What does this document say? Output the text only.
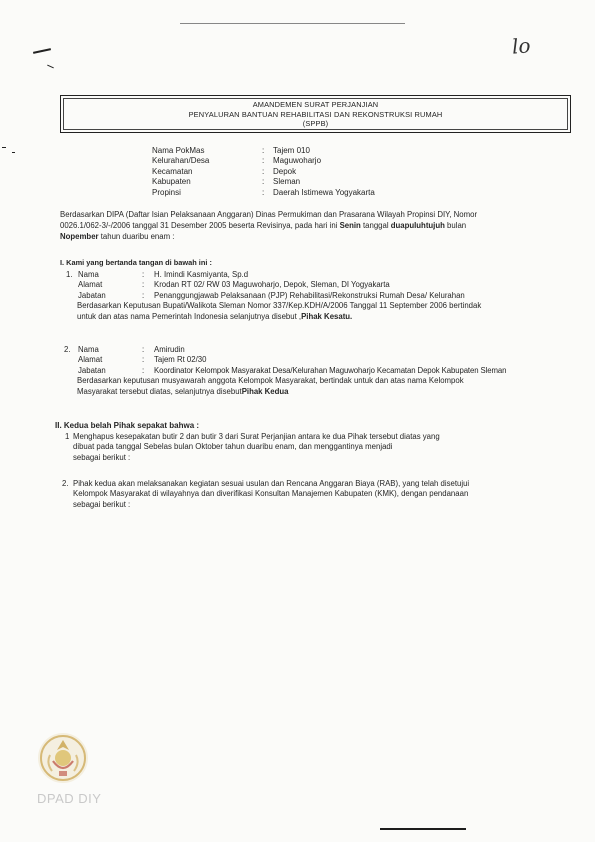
lo
AMANDEMEN SURAT PERJANJIAN
PENYALURAN BANTUAN REHABILITASI DAN REKONSTRUKSI RUMAH
(SPPB)
Nama PokMas	:	Tajem 010
Kelurahan/Desa	:	Maguwoharjo
Kecamatan	:	Depok
Kabupaten	:	Sleman
Propinsi	:	Daerah Istimewa Yogyakarta
Berdasarkan DIPA (Daftar Isian Pelaksanaan Anggaran) Dinas Permukiman dan Prasarana Wilayah Propinsi DIY, Nomor
0026.1/062-3/-/2006 tanggal 31 Desember 2005 beserta Revisinya, pada hari ini Senin tanggal duapuluhtujuh bulan
Nopember tahun duaribu enam :
I. Kami yang bertanda tangan di bawah ini :
1. Nama	:	H. Imindi Kasmiyanta, Sp.d
Alamat	:	Krodan RT 02/ RW 03 Maguwoharjo, Depok, Sleman, DI Yogyakarta
Jabatan	:	Penanggungjawab Pelaksanaan (PJP) Rehabilitasi/Rekonstruksi Rumah Desa/ Kelurahan
Berdasarkan Keputusan Bupati/Walikota Sleman Nomor 337/Kep.KDH/A/2006 Tanggal 11 September 2006 bertindak
untuk dan atas nama Pemerintah Indonesia selanjutnya disebut , Pihak Kesatu.
2. Nama	:	Amirudin
Alamat	:	Tajem Rt 02/30
Jabatan	:	Koordinator Kelompok Masyarakat Desa/Kelurahan Maguwoharjo Kecamatan Depok Kabupaten Sleman
Berdasarkan keputusan musyawarah anggota Kelompok Masyarakat, bertindak untuk dan atas nama Kelompok
Masyarakat tersebut diatas, selanjutnya disebut Pihak Kedua
II. Kedua belah Pihak sepakat bahwa :
1 Menghapus kesepakatan butir 2 dan butir 3 dari Surat Perjanjian antara ke dua Pihak tersebut diatas yang
dibuat pada tanggal Sebelas bulan Oktober tahun duaribu enam, dan menggantinya menjadi
sebagai berikut :
2. Pihak kedua akan melaksanakan kegiatan sesuai usulan dan Rencana Anggaran Biaya (RAB), yang telah disetujui
Kelompok Masyarakat di wilayahnya dan diverifikasi Konsultan Manajemen Kabupaten (KMK), dengan pendanaan
sebagai berikut :
DPAD DIY
